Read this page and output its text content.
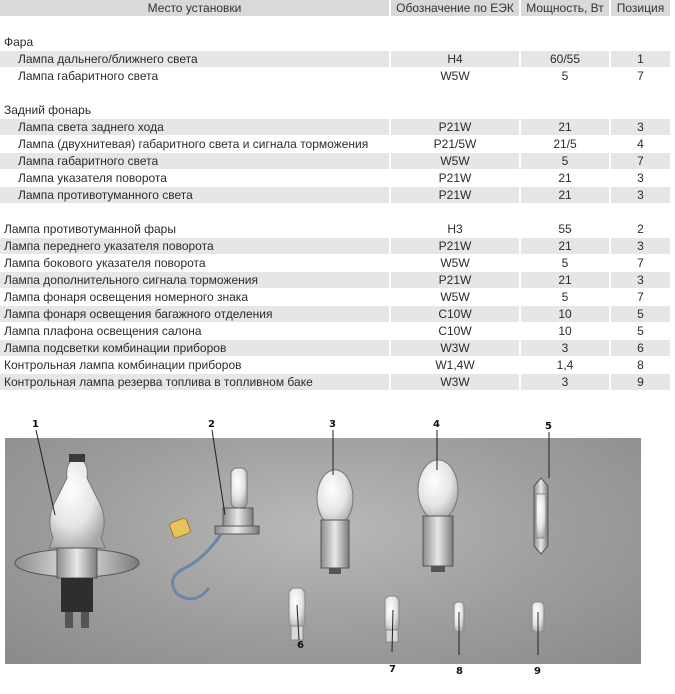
Место установки	Обозначение по ЕЭК	Мощность, Вт	Позиция
Фара
Лампа дальнего/ближнего света	H4	60/55	1
Лампа габаритного света	W5W	5	7
Задний фонарь
Лампа света заднего хода	P21W	21	3
Лампа (двухнитевая) габаритного света и сигнала торможения	P21/5W	21/5	4
Лампа габаритного света	W5W	5	7
Лампа указателя поворота	P21W	21	3
Лампа противотуманного света	P21W	21	3
Лампа противотуманной фары	H3	55	2
Лампа переднего указателя поворота	P21W	21	3
Лампа бокового указателя поворота	W5W	5	7
Лампа дополнительного сигнала торможения	P21W	21	3
Лампа фонаря освещения номерного знака	W5W	5	7
Лампа фонаря освещения багажного отделения	C10W	10	5
Лампа плафона освещения салона	C10W	10	5
Лампа подсветки комбинации приборов	W3W	3	6
Контрольная лампа комбинации приборов	W1,4W	1,4	8
Контрольная лампа резерва топлива в топливном баке	W3W	3	9
1	2	3	4	5
6
7	8	9
